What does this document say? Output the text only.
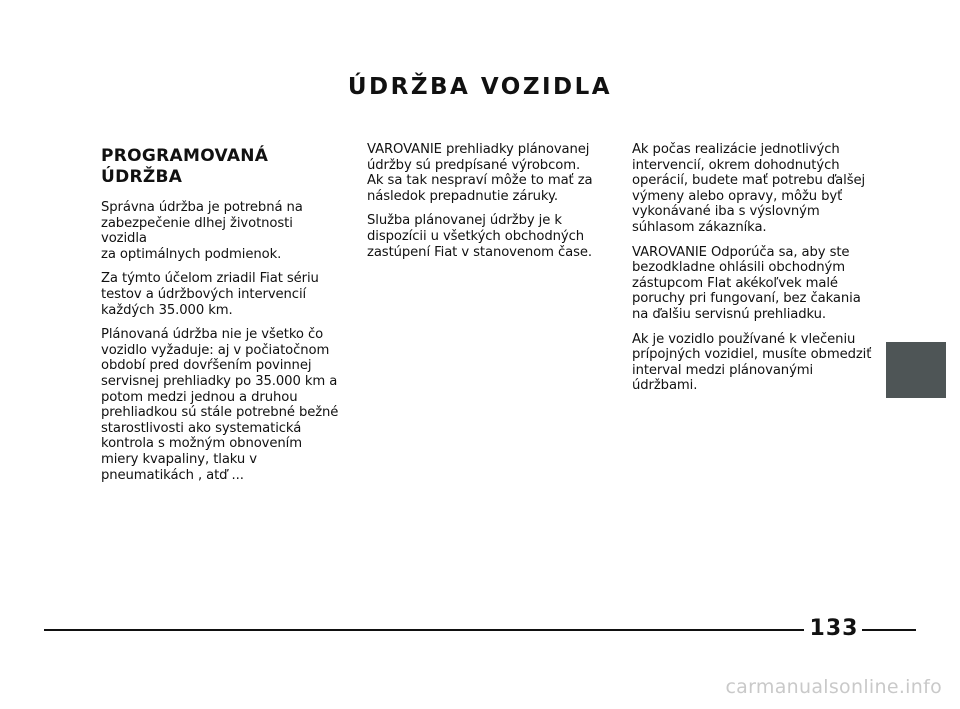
ÚDRŽBA VOZIDLA
PROGRAMOVANÁ
ÚDRŽBA

Správna údržba je potrebná na
zabezpečenie dlhej životnosti vozidla
za optimálnych podmienok.

Za týmto účelom zriadil Fiat sériu
testov a údržbových intervencií
každých 35.000 km.

Plánovaná údržba nie je všetko čo
vozidlo vyžaduje: aj v počiatočnom
období pred dovŕšením povinnej
servisnej prehliadky po 35.000 km a
potom medzi jednou a druhou
prehliadkou sú stále potrebné bežné
starostlivosti ako systematická
kontrola s možným obnovením
miery kvapaliny, tlaku v
pneumatikách , atď ...

VAROVANIE prehliadky plánovanej
údržby sú predpísané výrobcom.
Ak sa tak nespraví môže to mať za
následok prepadnutie záruky.

Služba plánovanej údržby je k
dispozícii u všetkých obchodných
zastúpení Fiat v stanovenom čase.

Ak počas realizácie jednotlivých
intervencií, okrem dohodnutých
operácií, budete mať potrebu ďalšej
výmeny alebo opravy, môžu byť
vykonávané iba s výslovným
súhlasom zákazníka.

VAROVANIE Odporúča sa, aby ste
bezodkladne ohlásili obchodným
zástupcom Flat akékoľvek malé
poruchy pri fungovaní, bez čakania
na ďalšiu servisnú prehliadku.

Ak je vozidlo používané k vlečeniu
prípojných vozidiel, musíte obmedziť
interval medzi plánovanými
údržbami.

133
carmanualsonline.info
